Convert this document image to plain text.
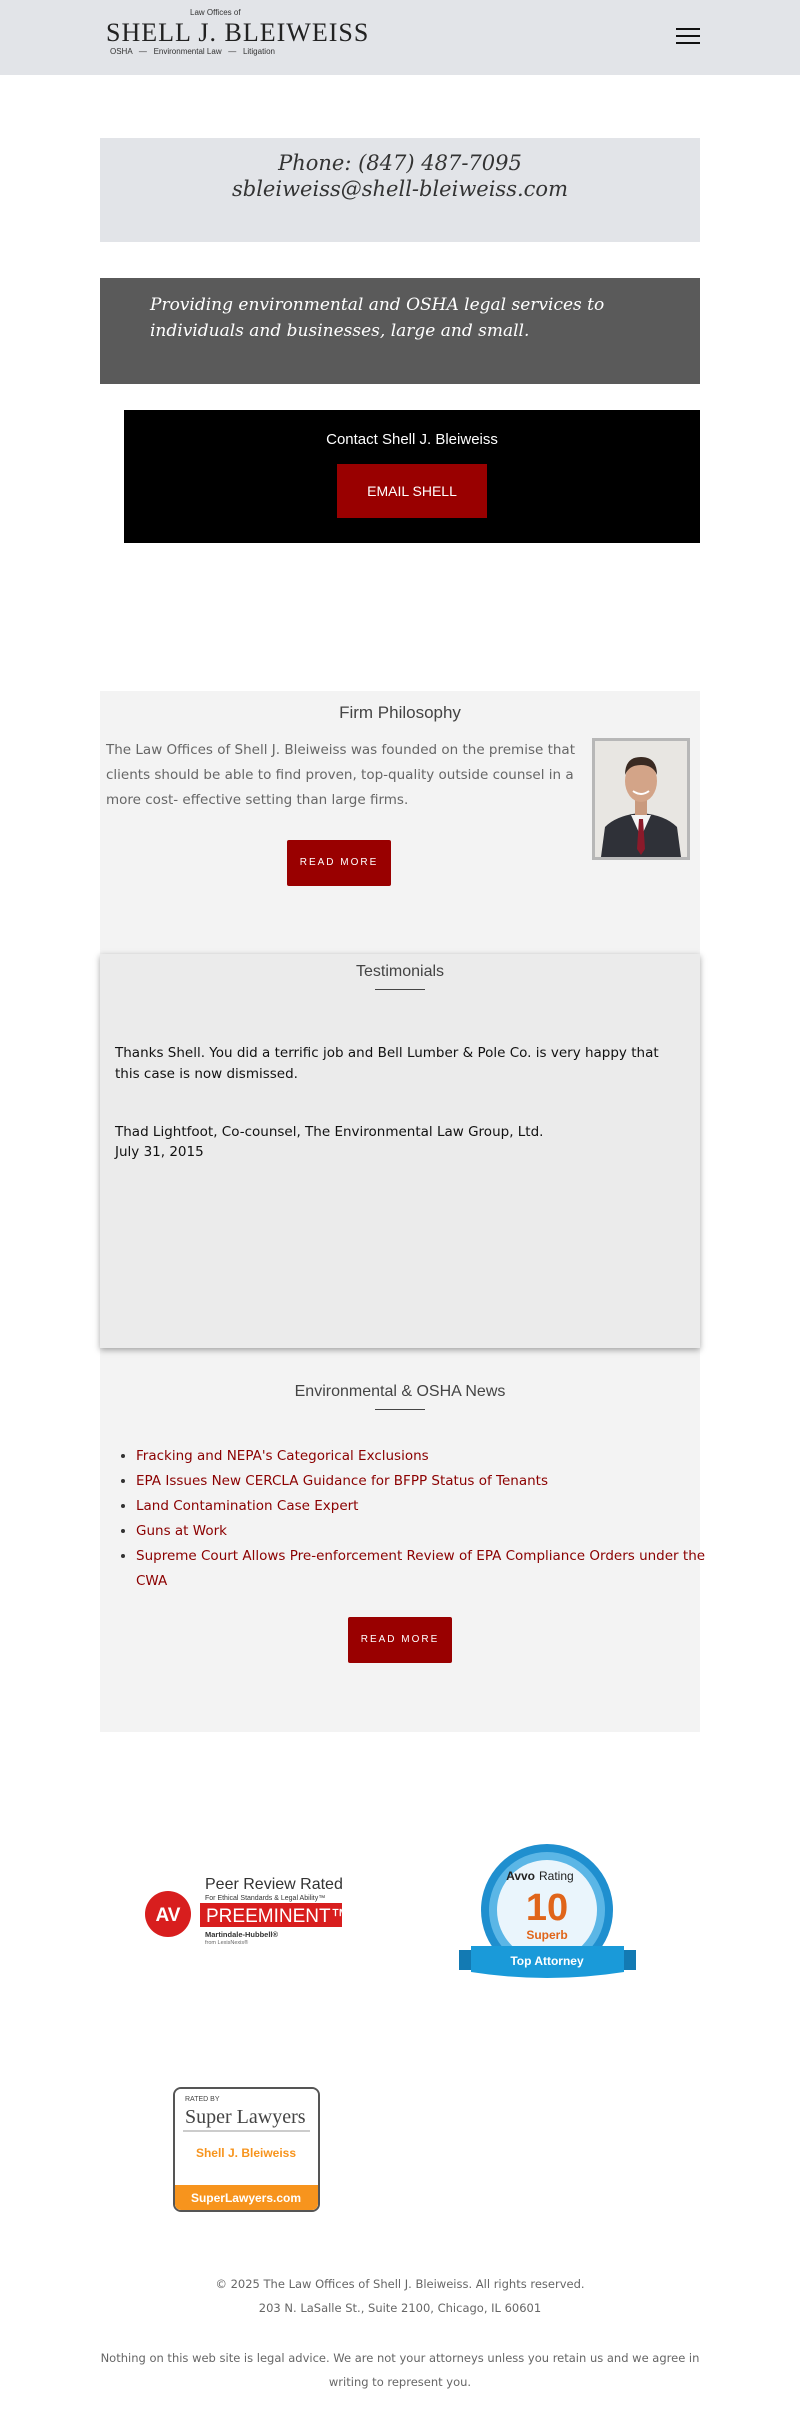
Law Offices of
SHELL J. BLEIWEISS
OSHA   —   Environmental Law   —   Litigation
Phone: (847) 487-7095
sbleiweiss@shell-bleiweiss.com

Providing environmental and OSHA legal services to individuals and businesses, large and small.

Contact Shell J. Bleiweiss
EMAIL SHELL
Firm Philosophy
The Law Offices of Shell J. Bleiweiss was founded on the premise that clients should be able to find proven, top-quality outside counsel in a more cost- effective setting than large firms.
READ MORE
Testimonials
Thanks Shell. You did a terrific job and Bell Lumber & Pole Co. is very happy that this case is now dismissed.
Thad Lightfoot, Co-counsel, The Environmental Law Group, Ltd.
July 31, 2015
Environmental & OSHA News
• Fracking and NEPA's Categorical Exclusions
• EPA Issues New CERCLA Guidance for BFPP Status of Tenants
• Land Contamination Case Expert
• Guns at Work
• Supreme Court Allows Pre-enforcement Review of EPA Compliance Orders under the CWA
READ MORE
AV
Peer Review Rated
For Ethical Standards & Legal Ability™
PREEMINENT™
Martindale-Hubbell®
from LexisNexis®
Avvo Rating
10
Superb
Top Attorney
RATED BY
Super Lawyers
Shell J. Bleiweiss
SuperLawyers.com
© 2025 The Law Offices of Shell J. Bleiweiss. All rights reserved.
203 N. LaSalle St., Suite 2100, Chicago, IL 60601
Nothing on this web site is legal advice. We are not your attorneys unless you retain us and we agree in writing to represent you.
